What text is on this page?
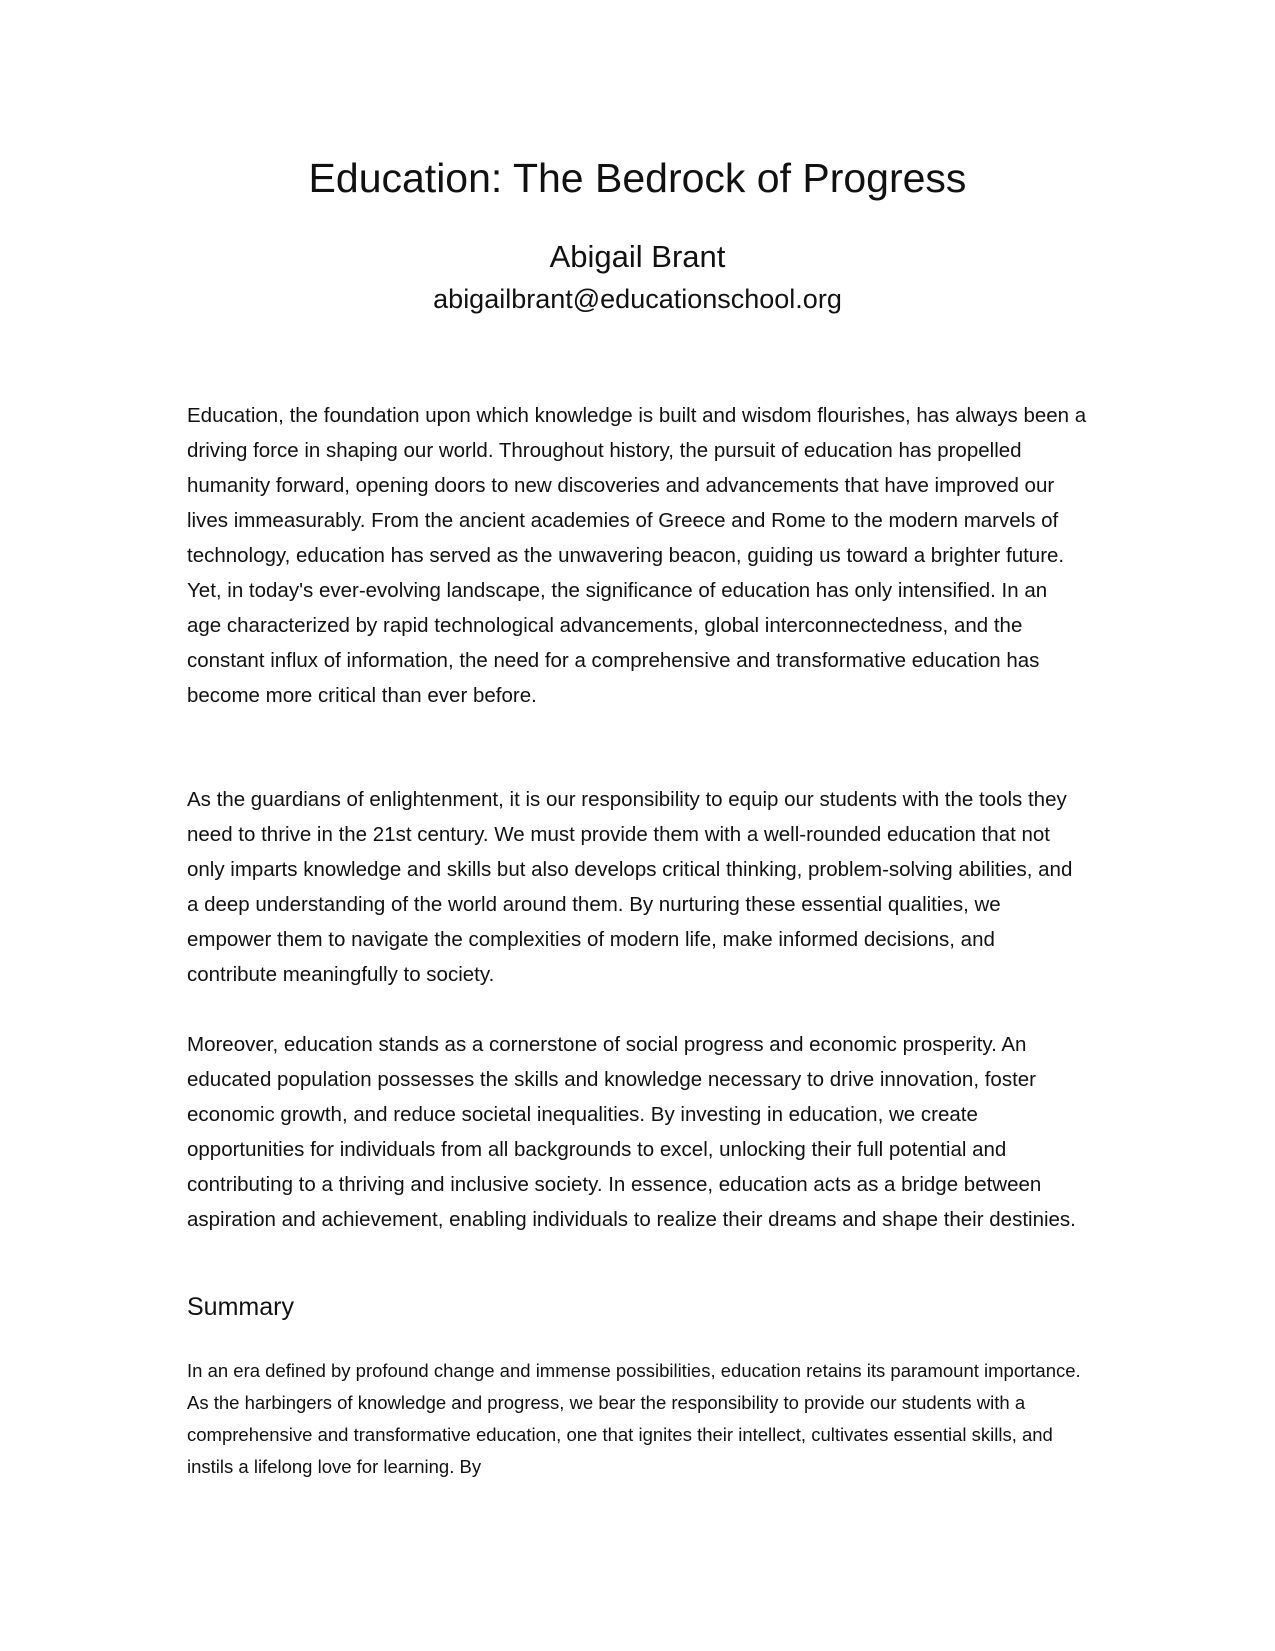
Education: The Bedrock of Progress
Abigail Brant
abigailbrant@educationschool.org

Education, the foundation upon which knowledge is built and wisdom flourishes, has always been a driving force in shaping our world. Throughout history, the pursuit of education has propelled humanity forward, opening doors to new discoveries and advancements that have improved our lives immeasurably. From the ancient academies of Greece and Rome to the modern marvels of technology, education has served as the unwavering beacon, guiding us toward a brighter future. Yet, in today's ever-evolving landscape, the significance of education has only intensified. In an age characterized by rapid technological advancements, global interconnectedness, and the constant influx of information, the need for a comprehensive and transformative education has become more critical than ever before.

As the guardians of enlightenment, it is our responsibility to equip our students with the tools they need to thrive in the 21st century. We must provide them with a well-rounded education that not only imparts knowledge and skills but also develops critical thinking, problem-solving abilities, and a deep understanding of the world around them. By nurturing these essential qualities, we empower them to navigate the complexities of modern life, make informed decisions, and contribute meaningfully to society.

Moreover, education stands as a cornerstone of social progress and economic prosperity. An educated population possesses the skills and knowledge necessary to drive innovation, foster economic growth, and reduce societal inequalities. By investing in education, we create opportunities for individuals from all backgrounds to excel, unlocking their full potential and contributing to a thriving and inclusive society. In essence, education acts as a bridge between aspiration and achievement, enabling individuals to realize their dreams and shape their destinies.

Summary

In an era defined by profound change and immense possibilities, education retains its paramount importance. As the harbingers of knowledge and progress, we bear the responsibility to provide our students with a comprehensive and transformative education, one that ignites their intellect, cultivates essential skills, and instils a lifelong love for learning. By
